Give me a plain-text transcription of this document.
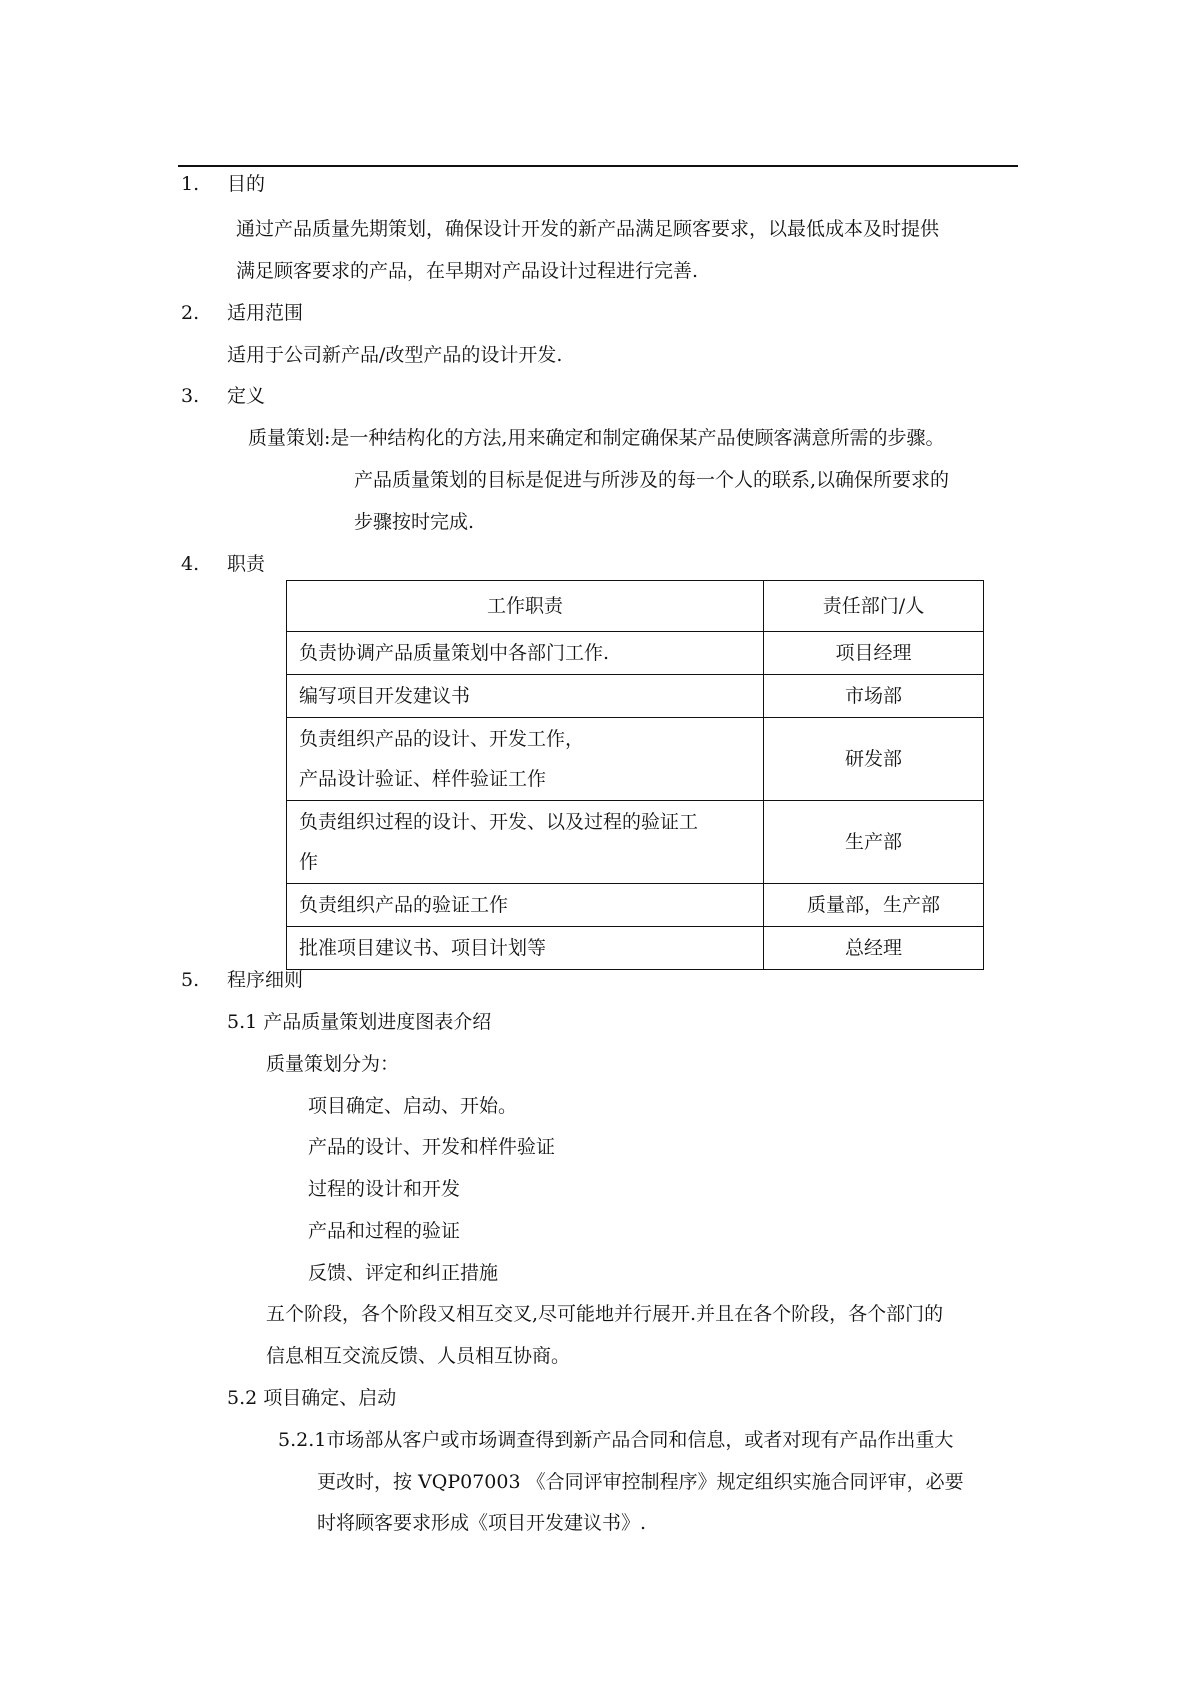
1.	目的
通过产品质量先期策划，确保设计开发的新产品满足顾客要求，以最低成本及时提供
满足顾客要求的产品，在早期对产品设计过程进行完善.
2.	适用范围
适用于公司新产品/改型产品的设计开发.
3.	定义
质量策划:是一种结构化的方法,用来确定和制定确保某产品使顾客满意所需的步骤。
产品质量策划的目标是促进与所涉及的每一个人的联系,以确保所要求的
步骤按时完成.
4.	职责
工作职责	责任部门/人
负责协调产品质量策划中各部门工作.	项目经理
编写项目开发建议书	市场部
负责组织产品的设计、开发工作，
产品设计验证、样件验证工作	研发部
负责组织过程的设计、开发、以及过程的验证工
作	生产部
负责组织产品的验证工作	质量部，生产部
批准项目建议书、项目计划等	总经理
5.	程序细则
5.1 产品质量策划进度图表介绍
质量策划分为：
项目确定、启动、开始。
产品的设计、开发和样件验证
过程的设计和开发
产品和过程的验证
反馈、评定和纠正措施
五个阶段，各个阶段又相互交叉,尽可能地并行展开.并且在各个阶段，各个部门的
信息相互交流反馈、人员相互协商。
5.2 项目确定、启动
5.2.1市场部从客户或市场调查得到新产品合同和信息，或者对现有产品作出重大
更改时，按 VQP07003 《合同评审控制程序》规定组织实施合同评审，必要
时将顾客要求形成《项目开发建议书》.
